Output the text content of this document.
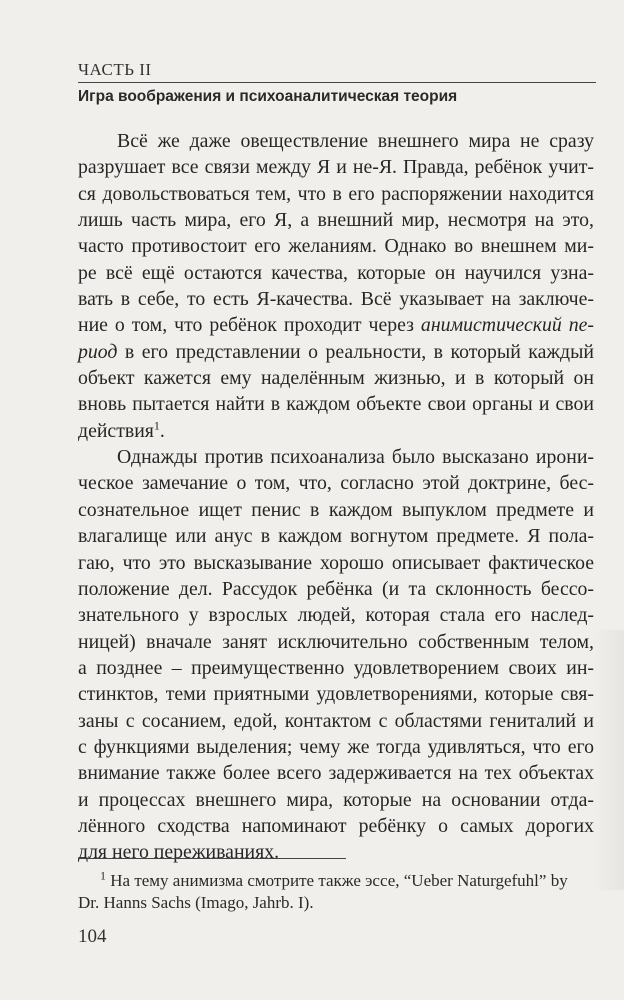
ЧАСТЬ II
Игра воображения и психоаналитическая теория
Всё же даже овеществление внешнего мира не сразу
разрушает все связи между Я и не-Я. Правда, ребёнок учит-
ся довольствоваться тем, что в его распоряжении находится
лишь часть мира, его Я, а внешний мир, несмотря на это,
часто противостоит его желаниям. Однако во внешнем ми-
ре всё ещё остаются качества, которые он научился узна-
вать в себе, то есть Я-качества. Всё указывает на заключе-
ние о том, что ребёнок проходит через анимистический пе-
риод в его представлении о реальности, в который каждый
объект кажется ему наделённым жизнью, и в который он
вновь пытается найти в каждом объекте свои органы и свои
действия$^1$.
Однажды против психоанализа было высказано ирони-
ческое замечание о том, что, согласно этой доктрине, бес-
сознательное ищет пенис в каждом выпуклом предмете и
влагалище или анус в каждом вогнутом предмете. Я пола-
гаю, что это высказывание хорошо описывает фактическое
положение дел. Рассудок ребёнка (и та склонность бессо-
знательного у взрослых людей, которая стала его наслед-
ницей) вначале занят исключительно собственным телом,
а позднее – преимущественно удовлетворением своих ин-
стинктов, теми приятными удовлетворениями, которые свя-
заны с сосанием, едой, контактом с областями гениталий и
с функциями выделения; чему же тогда удивляться, что его
внимание также более всего задерживается на тех объектах
и процессах внешнего мира, которые на основании отда-
лённого сходства напоминают ребёнку о самых дорогих
для него переживаниях.
$^1$ На тему анимизма смотрите также эссе, “Ueber Naturgefuhl” by
Dr. Hanns Sachs (Imago, Jahrb. I).
104
